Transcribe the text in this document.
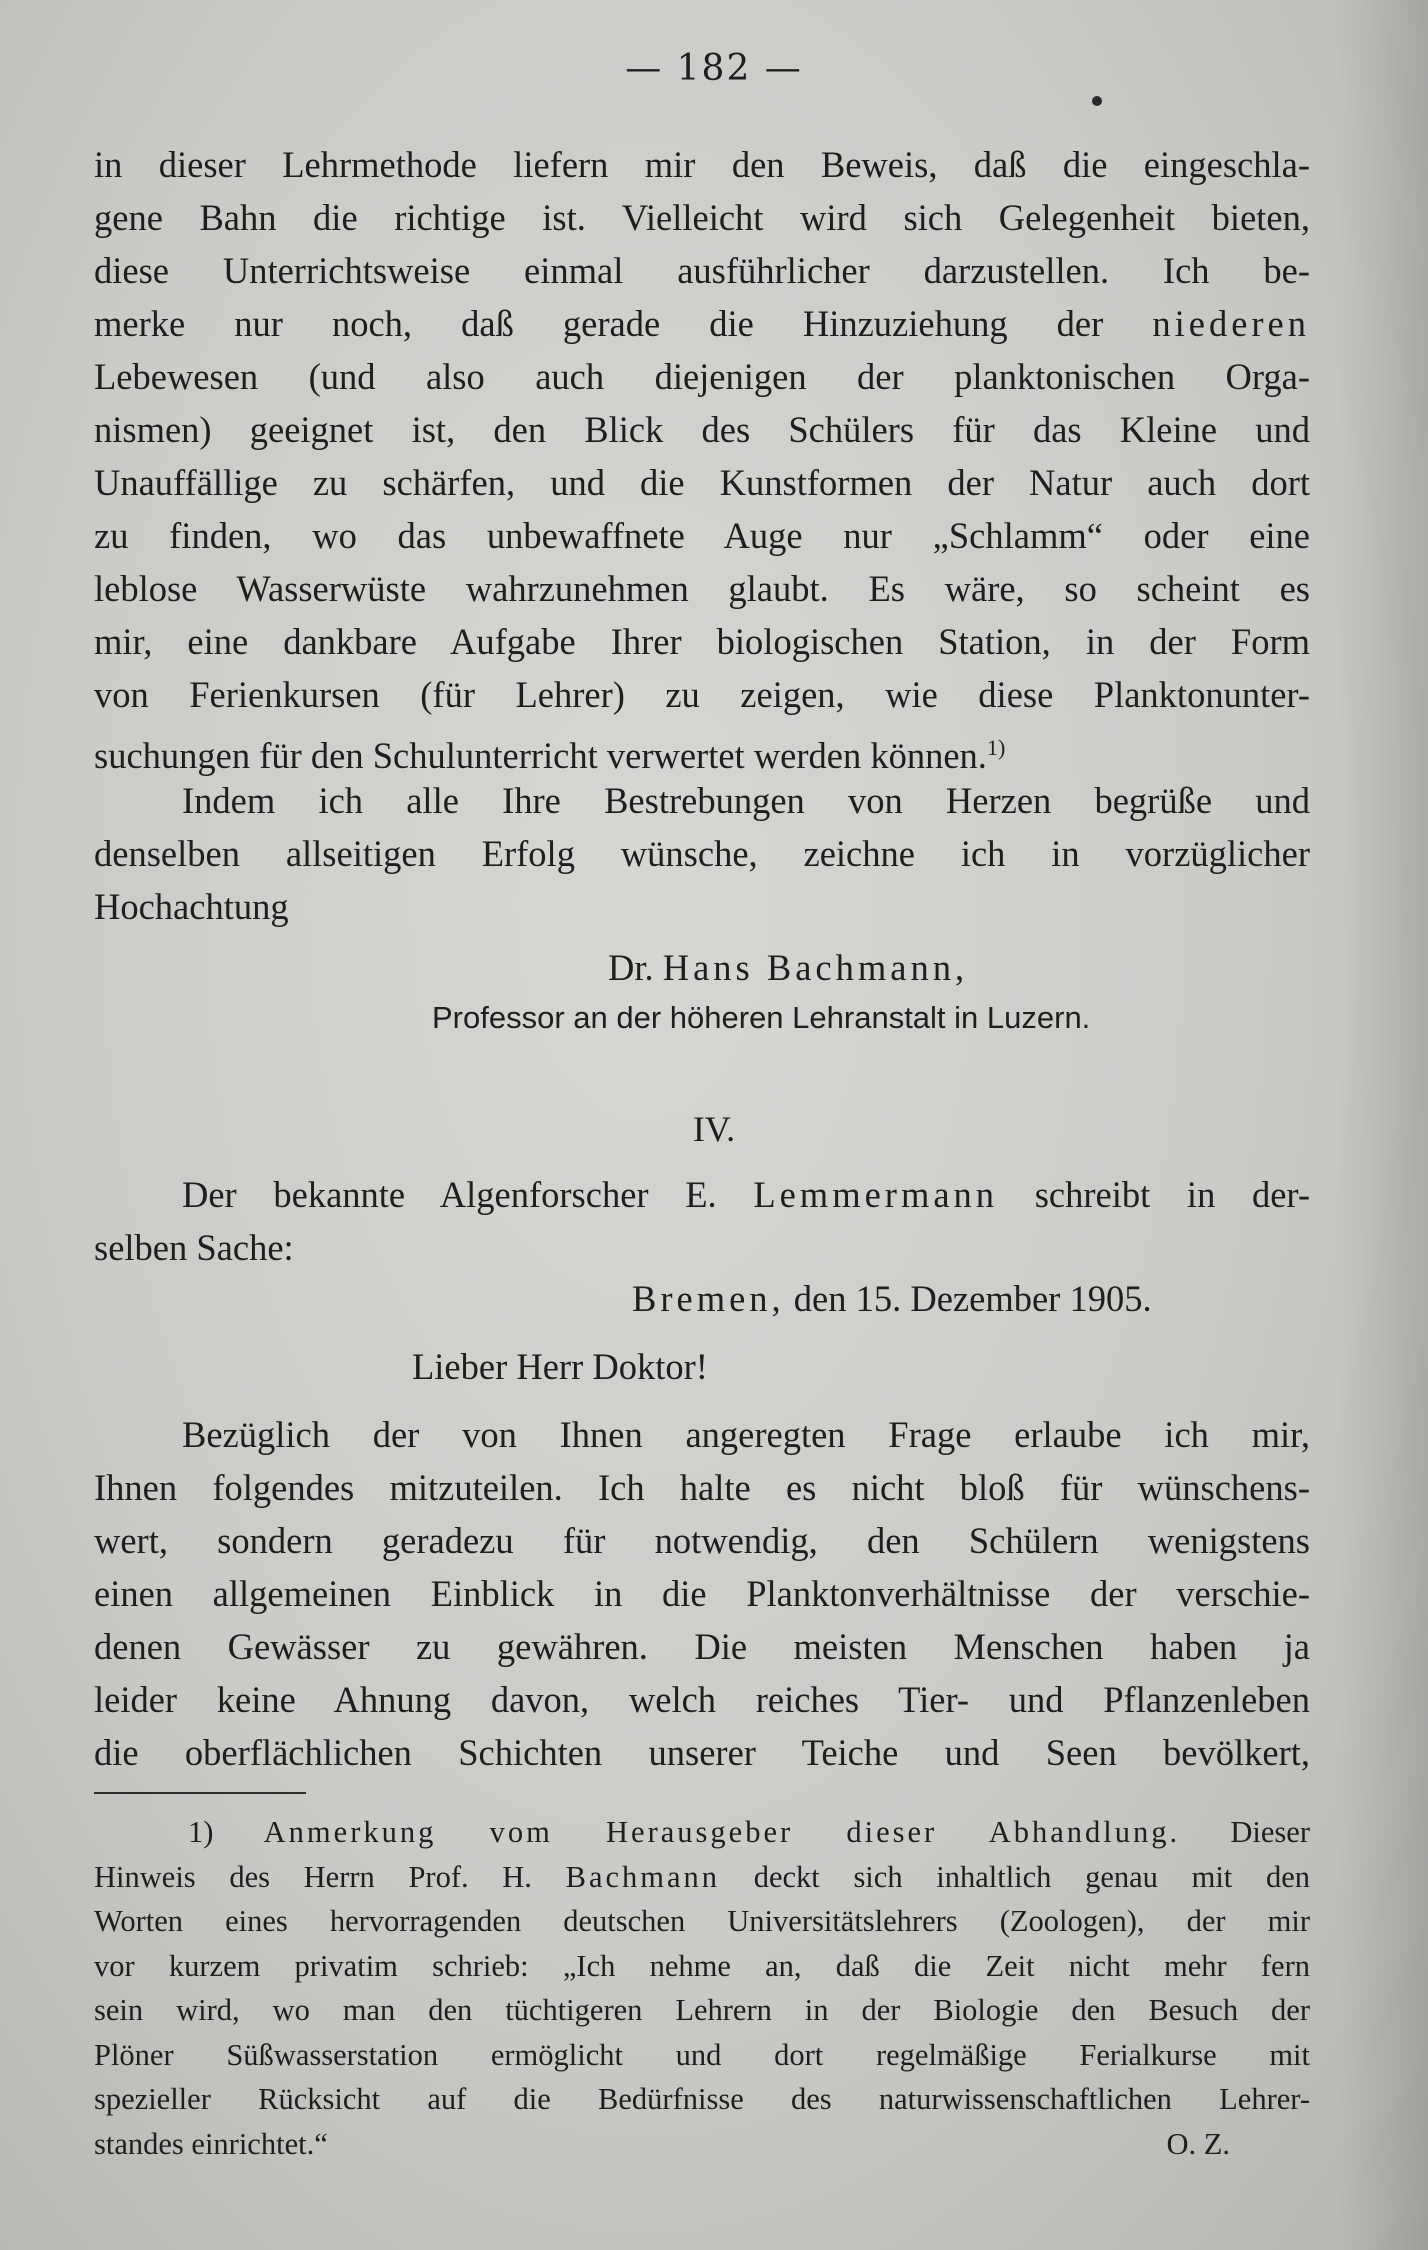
— 182 —
in dieser Lehrmethode liefern mir den Beweis, daß die eingeschla-
gene Bahn die richtige ist. Vielleicht wird sich Gelegenheit bieten,
diese Unterrichtsweise einmal ausführlicher darzustellen. Ich be-
merke nur noch, daß gerade die Hinzuziehung der niederen
Lebewesen (und also auch diejenigen der planktonischen Orga-
nismen) geeignet ist, den Blick des Schülers für das Kleine und
Unauffällige zu schärfen, und die Kunstformen der Natur auch dort
zu finden, wo das unbewaffnete Auge nur „Schlamm“ oder eine
leblose Wasserwüste wahrzunehmen glaubt. Es wäre, so scheint es
mir, eine dankbare Aufgabe Ihrer biologischen Station, in der Form
von Ferienkursen (für Lehrer) zu zeigen, wie diese Planktonunter-
suchungen für den Schulunterricht verwertet werden können.$^{1)}$
Indem ich alle Ihre Bestrebungen von Herzen begrüße und
denselben allseitigen Erfolg wünsche, zeichne ich in vorzüglicher
Hochachtung
Dr. Hans Bachmann,
Professor an der höheren Lehranstalt in Luzern.
IV.
Der bekannte Algenforscher E. Lemmermann schreibt in der-
selben Sache:
Bremen, den 15. Dezember 1905.
Lieber Herr Doktor!
Bezüglich der von Ihnen angeregten Frage erlaube ich mir,
Ihnen folgendes mitzuteilen. Ich halte es nicht bloß für wünschens-
wert, sondern geradezu für notwendig, den Schülern wenigstens
einen allgemeinen Einblick in die Planktonverhältnisse der verschie-
denen Gewässer zu gewähren. Die meisten Menschen haben ja
leider keine Ahnung davon, welch reiches Tier- und Pflanzenleben
die oberflächlichen Schichten unserer Teiche und Seen bevölkert,
1) Anmerkung vom Herausgeber dieser Abhandlung. Dieser
Hinweis des Herrn Prof. H. Bachmann deckt sich inhaltlich genau mit den
Worten eines hervorragenden deutschen Universitätslehrers (Zoologen), der mir
vor kurzem privatim schrieb: „Ich nehme an, daß die Zeit nicht mehr fern
sein wird, wo man den tüchtigeren Lehrern in der Biologie den Besuch der
Plöner Süßwasserstation ermöglicht und dort regelmäßige Ferialkurse mit
spezieller Rücksicht auf die Bedürfnisse des naturwissenschaftlichen Lehrer-
standes einrichtet.“	O. Z.
